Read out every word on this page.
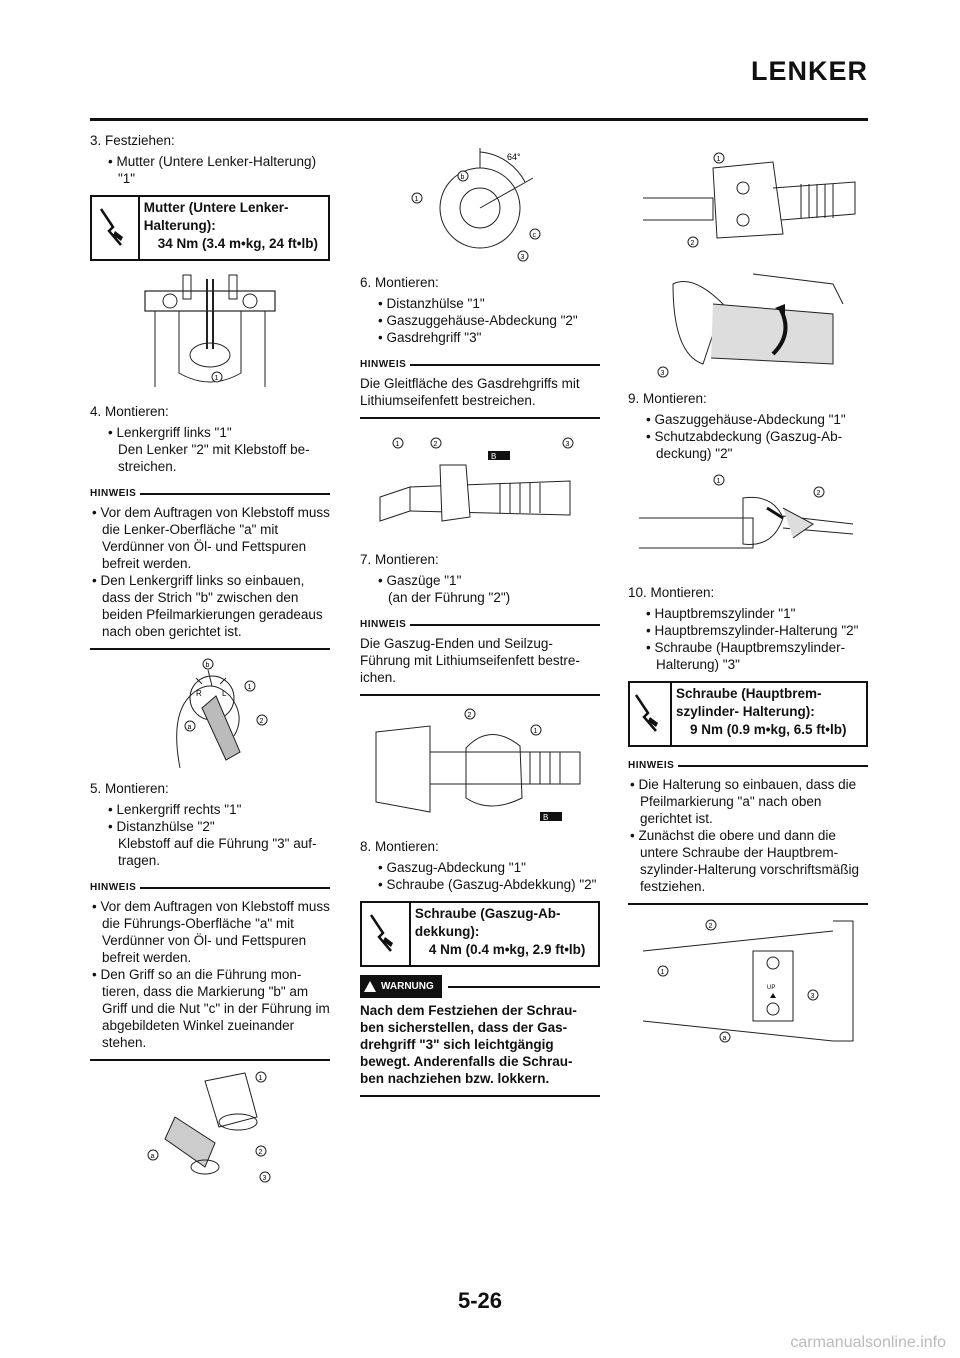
LENKER

3. Festziehen:

• Mutter (Untere Lenker-Halterung) "1"

Mutter (Untere Lenker- Halterung):
34 Nm (3.4 m•kg, 24 ft•lb)
1

4. Montieren:

• Lenkergriff links "1"

Den Lenker "2" mit Klebstoff be- streichen.

HINWEIS

• Vor dem Auftragen von Klebstoff muss die Lenker-Oberfläche "a" mit Verdünner von Öl- und Fettspuren befreit werden.

• Den Lenkergriff links so einbauen, dass der Strich "b" zwischen den beiden Pfeilmarkierungen geradeaus nach oben gerichtet ist.

R	L
b
1
2
a

5. Montieren:

• Lenkergriff rechts "1"

• Distanzhülse "2"

Klebstoff auf die Führung "3" auf- tragen.

HINWEIS

• Vor dem Auftragen von Klebstoff muss die Führungs-Oberfläche "a" mit Verdünner von Öl- und Fettspuren befreit werden.

• Den Griff so an die Führung mon- tieren, dass die Markierung "b" am Griff und die Nut "c" in der Führung im abgebildeten Winkel zueinander stehen.

1
2
3
a
64°
b
1
c
3

6. Montieren:

• Distanzhülse "1"

• Gaszuggehäuse-Abdeckung "2"

• Gasdrehgriff "3"

HINWEIS

Die Gleitfläche des Gasdrehgriffs mit Lithiumseifenfett bestreichen.

B
1	2	3

7. Montieren:

• Gaszüge "1"

(an der Führung "2")

HINWEIS

Die Gaszug-Enden und Seilzug- Führung mit Lithiumseifenfett bestre- ichen.

B
2
1

8. Montieren:

• Gaszug-Abdeckung "1"

• Schraube (Gaszug-Abdekkung) "2"

Schraube (Gaszug-Ab- dekkung):
4 Nm (0.4 m•kg, 2.9 ft•lb)
WARNUNG
Nach dem Festziehen der Schrau- ben sicherstellen, dass der Gas- drehgriff "3" sich leichtgängig bewegt. Anderenfalls die Schrau- ben nachziehen bzw. lokkern.
1
2
3

9. Montieren:

• Gaszuggehäuse-Abdeckung "1"

• Schutzabdeckung (Gaszug-Ab- deckung) "2"

1
2

10. Montieren:

• Hauptbremszylinder "1"

• Hauptbremszylinder-Halterung "2"

• Schraube (Hauptbremszylinder- Halterung) "3"

Schraube (Hauptbrem- szylinder- Halterung):
9 Nm (0.9 m•kg, 6.5 ft•lb)
HINWEIS

• Die Halterung so einbauen, dass die Pfeilmarkierung "a" nach oben gerichtet ist.

• Zunächst die obere und dann die untere Schraube der Hauptbrem- szylinder-Halterung vorschriftsmäßig festziehen.

UP
2
1
3
a
5-26
carmanualsonline.info
